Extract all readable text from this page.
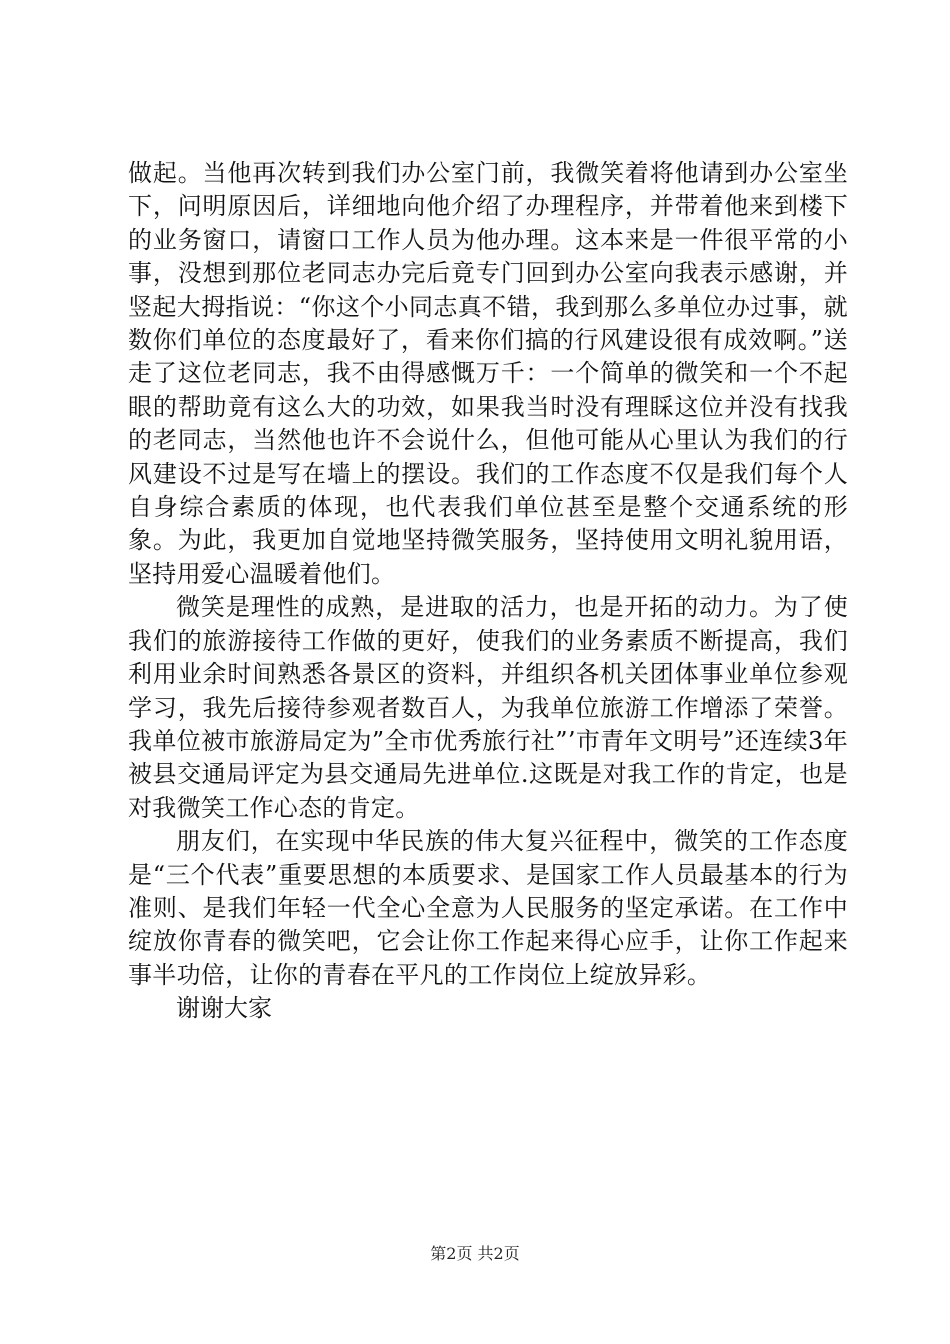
做起。当他再次转到我们办公室门前，我微笑着将他请到办公室坐下，问明原因后，详细地向他介绍了办理程序，并带着他来到楼下的业务窗口，请窗口工作人员为他办理。这本来是一件很平常的小事，没想到那位老同志办完后竟专门回到办公室向我表示感谢，并竖起大拇指说：“你这个小同志真不错，我到那么多单位办过事，就数你们单位的态度最好了，看来你们搞的行风建设很有成效啊。”送走了这位老同志，我不由得感慨万千：一个简单的微笑和一个不起眼的帮助竟有这么大的功效，如果我当时没有理睬这位并没有找我的老同志，当然他也许不会说什么，但他可能从心里认为我们的行风建设不过是写在墙上的摆设。我们的工作态度不仅是我们每个人自身综合素质的体现，也代表我们单位甚至是整个交通系统的形象。为此，我更加自觉地坚持微笑服务，坚持使用文明礼貌用语，坚持用爱心温暖着他们。

微笑是理性的成熟，是进取的活力，也是开拓的动力。为了使我们的旅游接待工作做的更好，使我们的业务素质不断提高，我们利用业余时间熟悉各景区的资料，并组织各机关团体事业单位参观学习，我先后接待参观者数百人，为我单位旅游工作增添了荣誉。我单位被市旅游局定为”全市优秀旅行社”’市青年文明号”还连续3年被县交通局评定为县交通局先进单位.这既是对我工作的肯定，也是对我微笑工作心态的肯定。

朋友们，在实现中华民族的伟大复兴征程中，微笑的工作态度是“三个代表”重要思想的本质要求、是国家工作人员最基本的行为准则、是我们年轻一代全心全意为人民服务的坚定承诺。在工作中绽放你青春的微笑吧，它会让你工作起来得心应手，让你工作起来事半功倍，让你的青春在平凡的工作岗位上绽放异彩。

谢谢大家

第2页 共2页
